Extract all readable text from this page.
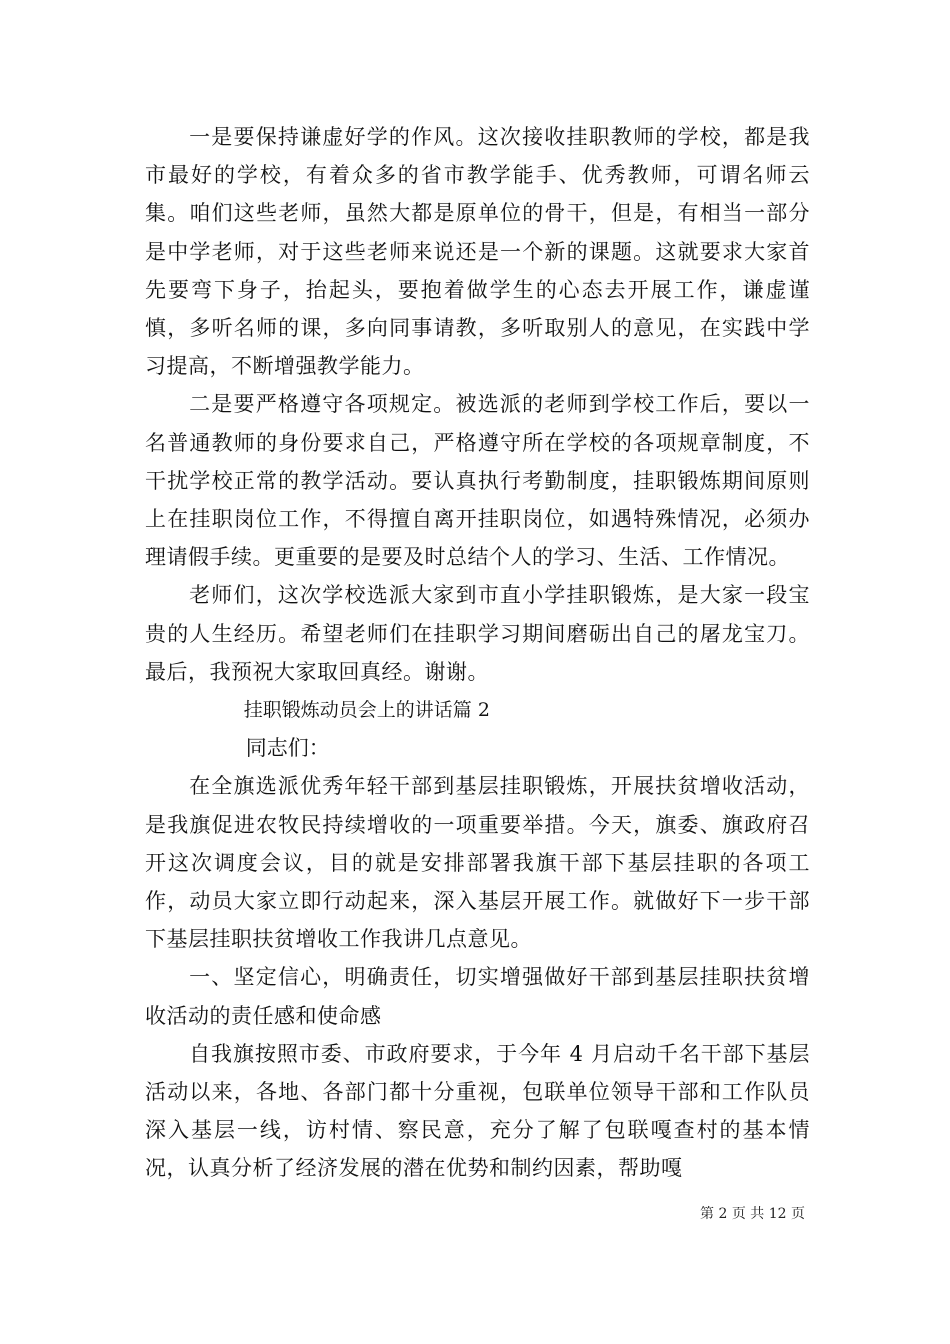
一是要保持谦虚好学的作风。这次接收挂职教师的学校，都是我市最好的学校，有着众多的省市教学能手、优秀教师，可谓名师云集。咱们这些老师，虽然大都是原单位的骨干，但是，有相当一部分是中学老师，对于这些老师来说还是一个新的课题。这就要求大家首先要弯下身子，抬起头，要抱着做学生的心态去开展工作，谦虚谨慎，多听名师的课，多向同事请教，多听取别人的意见，在实践中学习提高，不断增强教学能力。

二是要严格遵守各项规定。被选派的老师到学校工作后，要以一名普通教师的身份要求自己，严格遵守所在学校的各项规章制度，不干扰学校正常的教学活动。要认真执行考勤制度，挂职锻炼期间原则上在挂职岗位工作，不得擅自离开挂职岗位，如遇特殊情况，必须办理请假手续。更重要的是要及时总结个人的学习、生活、工作情况。

老师们，这次学校选派大家到市直小学挂职锻炼，是大家一段宝贵的人生经历。希望老师们在挂职学习期间磨砺出自己的屠龙宝刀。最后，我预祝大家取回真经。谢谢。

挂职锻炼动员会上的讲话篇 2

同志们：

在全旗选派优秀年轻干部到基层挂职锻炼，开展扶贫增收活动，是我旗促进农牧民持续增收的一项重要举措。今天，旗委、旗政府召开这次调度会议，目的就是安排部署我旗干部下基层挂职的各项工作，动员大家立即行动起来，深入基层开展工作。就做好下一步干部下基层挂职扶贫增收工作我讲几点意见。

一、坚定信心，明确责任，切实增强做好干部到基层挂职扶贫增收活动的责任感和使命感

自我旗按照市委、市政府要求，于今年 4 月启动千名干部下基层活动以来，各地、各部门都十分重视，包联单位领导干部和工作队员深入基层一线，访村情、察民意，充分了解了包联嘎查村的基本情况，认真分析了经济发展的潜在优势和制约因素，帮助嘎

第 2 页 共 12 页
